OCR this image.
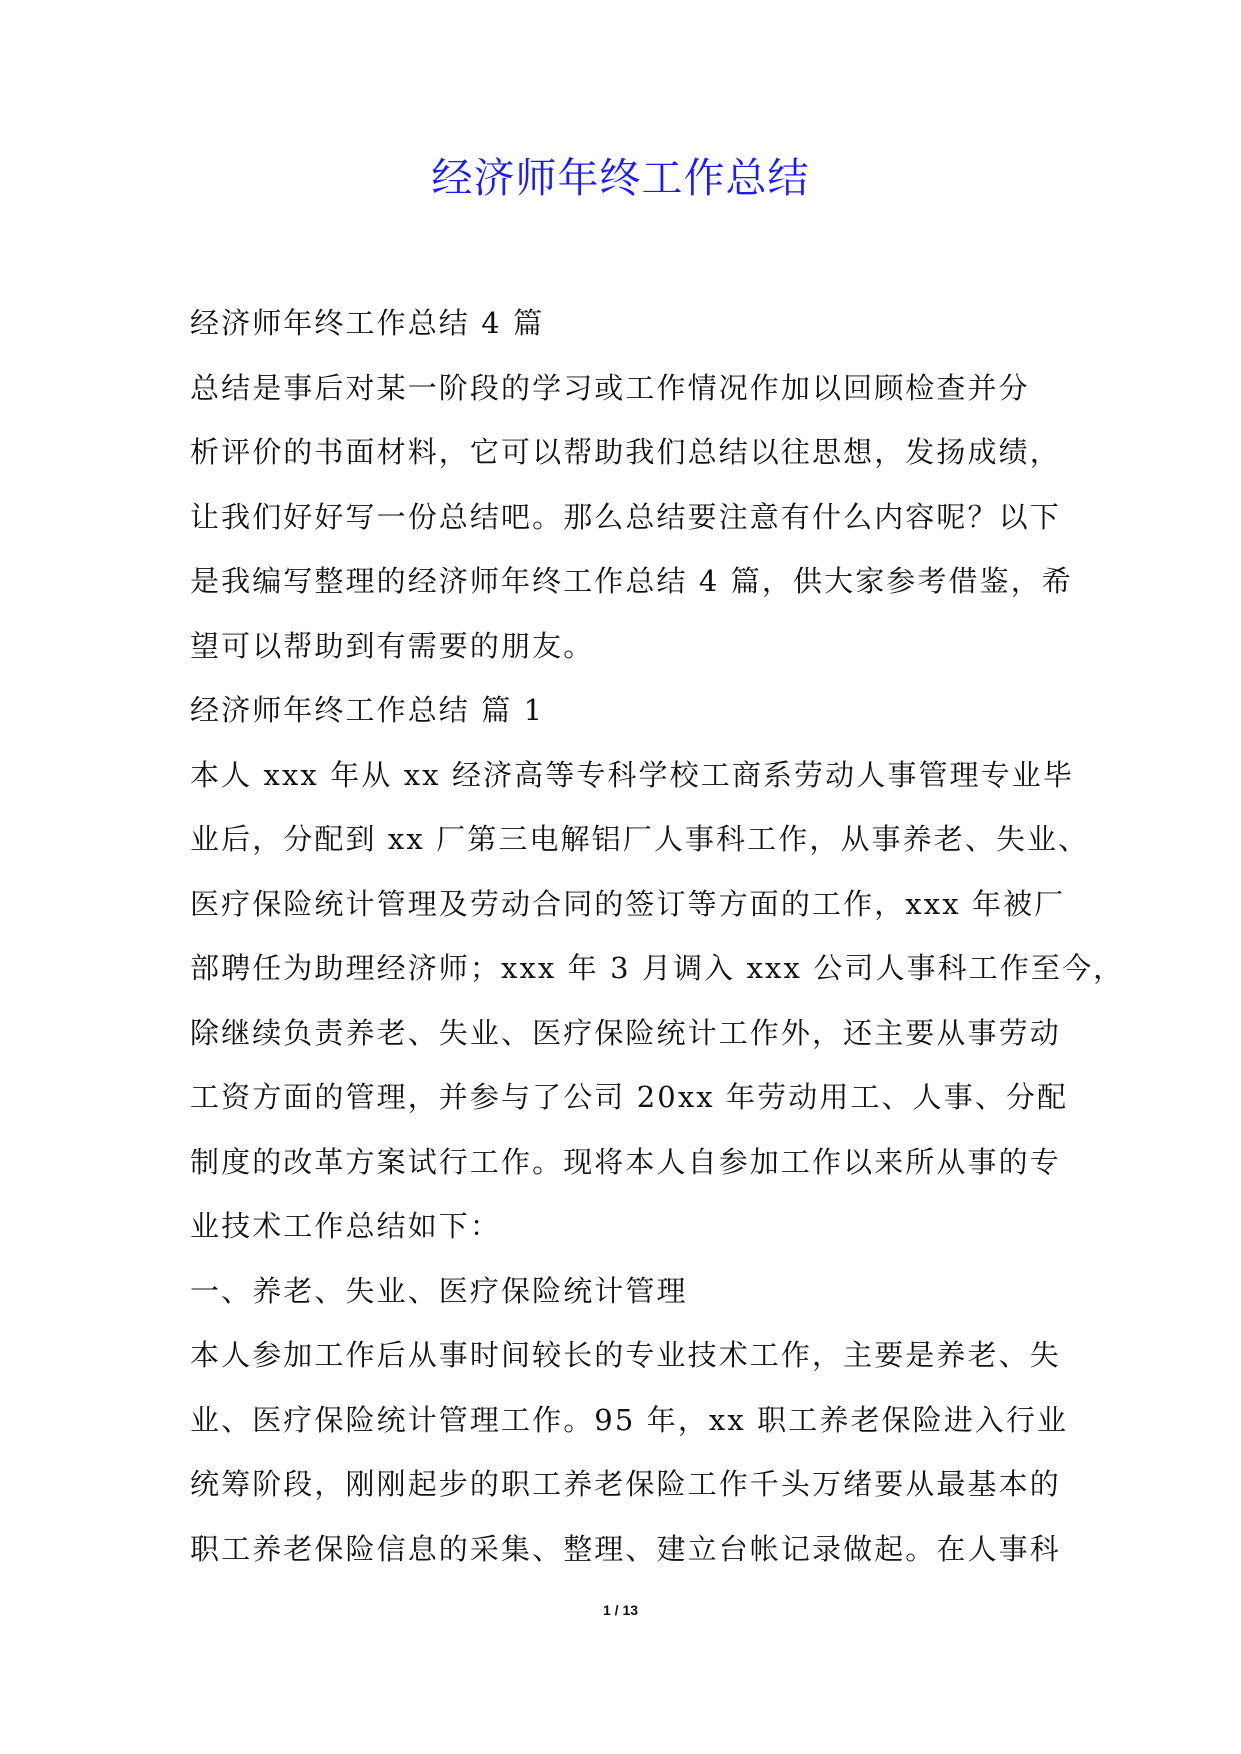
经济师年终工作总结
经济师年终工作总结 4 篇
总结是事后对某一阶段的学习或工作情况作加以回顾检查并分
析评价的书面材料，它可以帮助我们总结以往思想，发扬成绩，
让我们好好写一份总结吧。那么总结要注意有什么内容呢？以下
是我编写整理的经济师年终工作总结 4 篇，供大家参考借鉴，希
望可以帮助到有需要的朋友。
经济师年终工作总结 篇 1
本人 xxx 年从 xx 经济高等专科学校工商系劳动人事管理专业毕
业后，分配到 xx 厂第三电解铝厂人事科工作，从事养老、失业、
医疗保险统计管理及劳动合同的签订等方面的工作，xxx 年被厂
部聘任为助理经济师；xxx 年 3 月调入 xxx 公司人事科工作至今，
除继续负责养老、失业、医疗保险统计工作外，还主要从事劳动
工资方面的管理，并参与了公司 20xx 年劳动用工、人事、分配
制度的改革方案试行工作。现将本人自参加工作以来所从事的专
业技术工作总结如下：
一、养老、失业、医疗保险统计管理
本人参加工作后从事时间较长的专业技术工作，主要是养老、失
业、医疗保险统计管理工作。95 年，xx 职工养老保险进入行业
统筹阶段，刚刚起步的职工养老保险工作千头万绪要从最基本的
职工养老保险信息的采集、整理、建立台帐记录做起。在人事科
1 / 13
